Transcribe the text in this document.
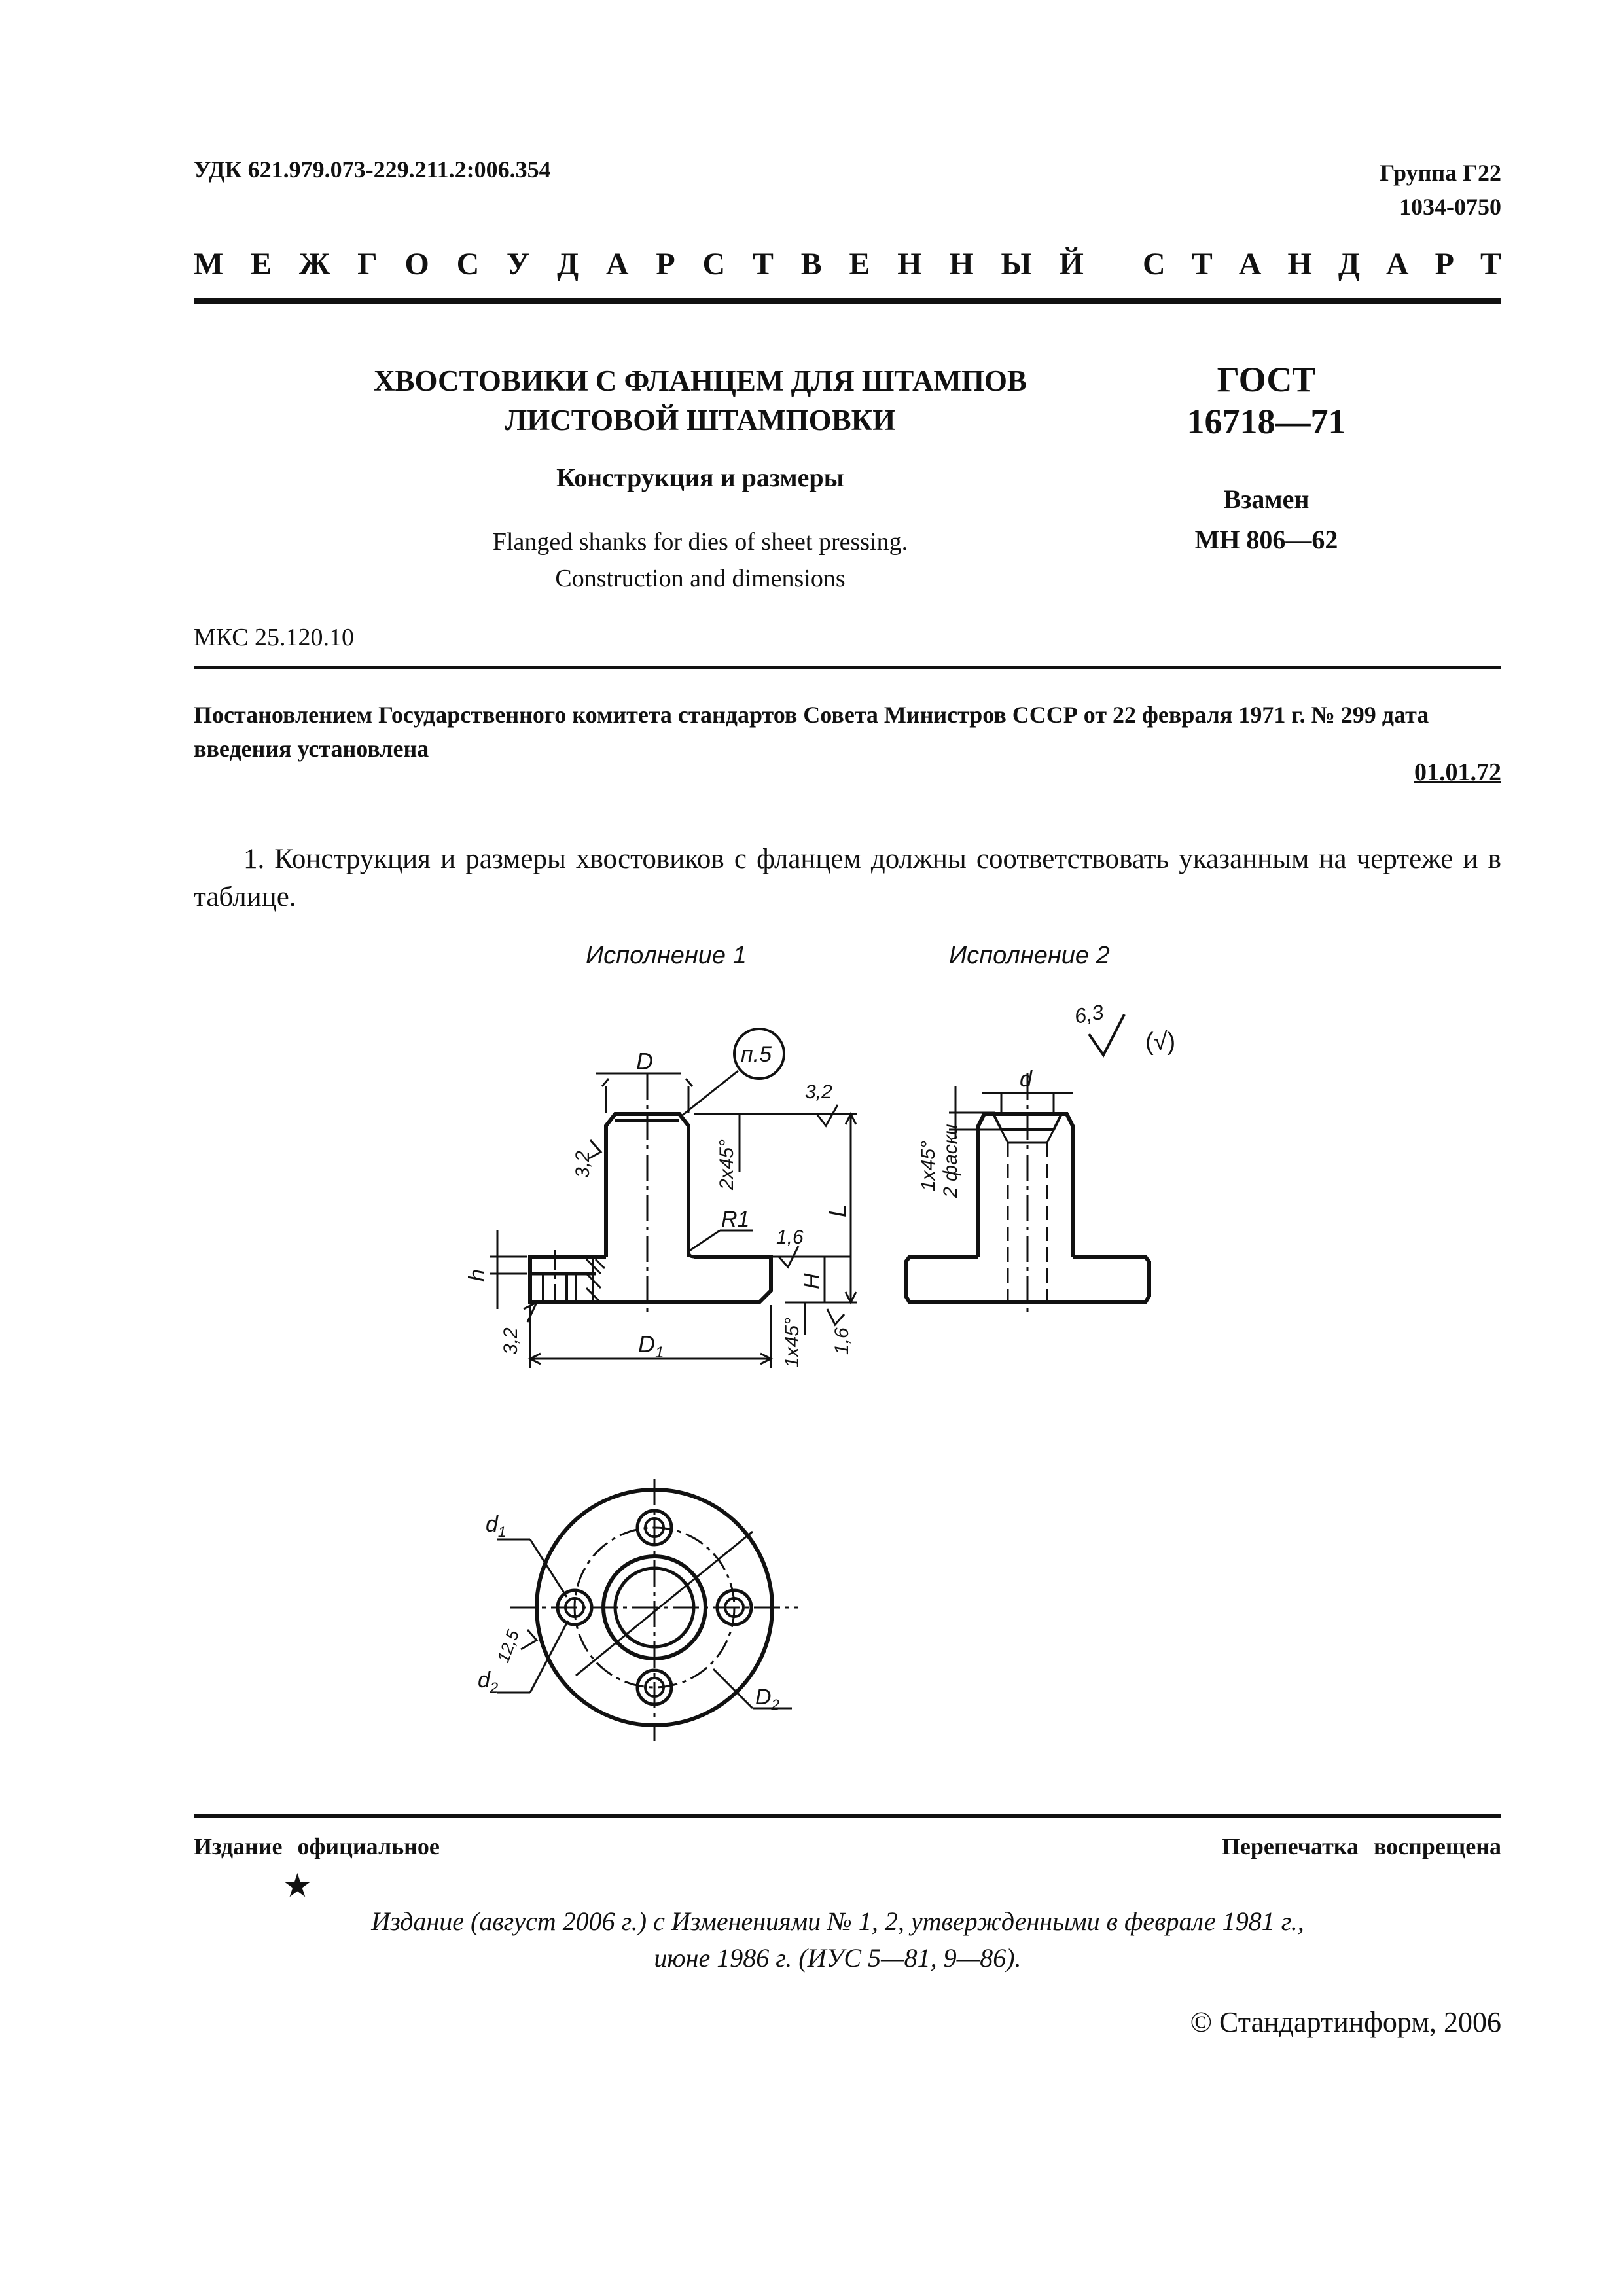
УДК 621.979.073-229.211.2:006.354	Группа Г22
1034-0750
М Е Ж Г О С У Д А Р С Т В Е Н Н Ы Й С Т А Н Д А Р Т
ХВОСТОВИКИ С ФЛАНЦЕМ ДЛЯ ШТАМПОВ
ЛИСТОВОЙ ШТАМПОВКИ
ГОСТ
16718—71
Конструкция и размеры
Взамен
МН 806—62
Flanged shanks for dies of sheet pressing.
Construction and dimensions
МКС 25.120.10
Постановлением Государственного комитета стандартов Совета Министров СССР от 22 февраля 1971 г. № 299 дата введения установлена
01.01.72
1. Конструкция и размеры хвостовиков с фланцем должны соответствовать указанным на чертеже и в таблице.
Исполнение 1	Исполнение 2
D	п.5
3,2
2х45°
L
3,2
R1
1,6
H
h
3,2	$D_1$	1х45° 1,6
6,3
(√)
d
1х45° 2 фаски
$D_2$
$d_1$
$d_2$
12,5
Издание официальное	Перепечатка воспрещена
★
Издание (август 2006 г.) с Изменениями № 1, 2, утвержденными в феврале 1981 г.,
июне 1986 г. (ИУС 5—81, 9—86).
© Стандартинформ, 2006
